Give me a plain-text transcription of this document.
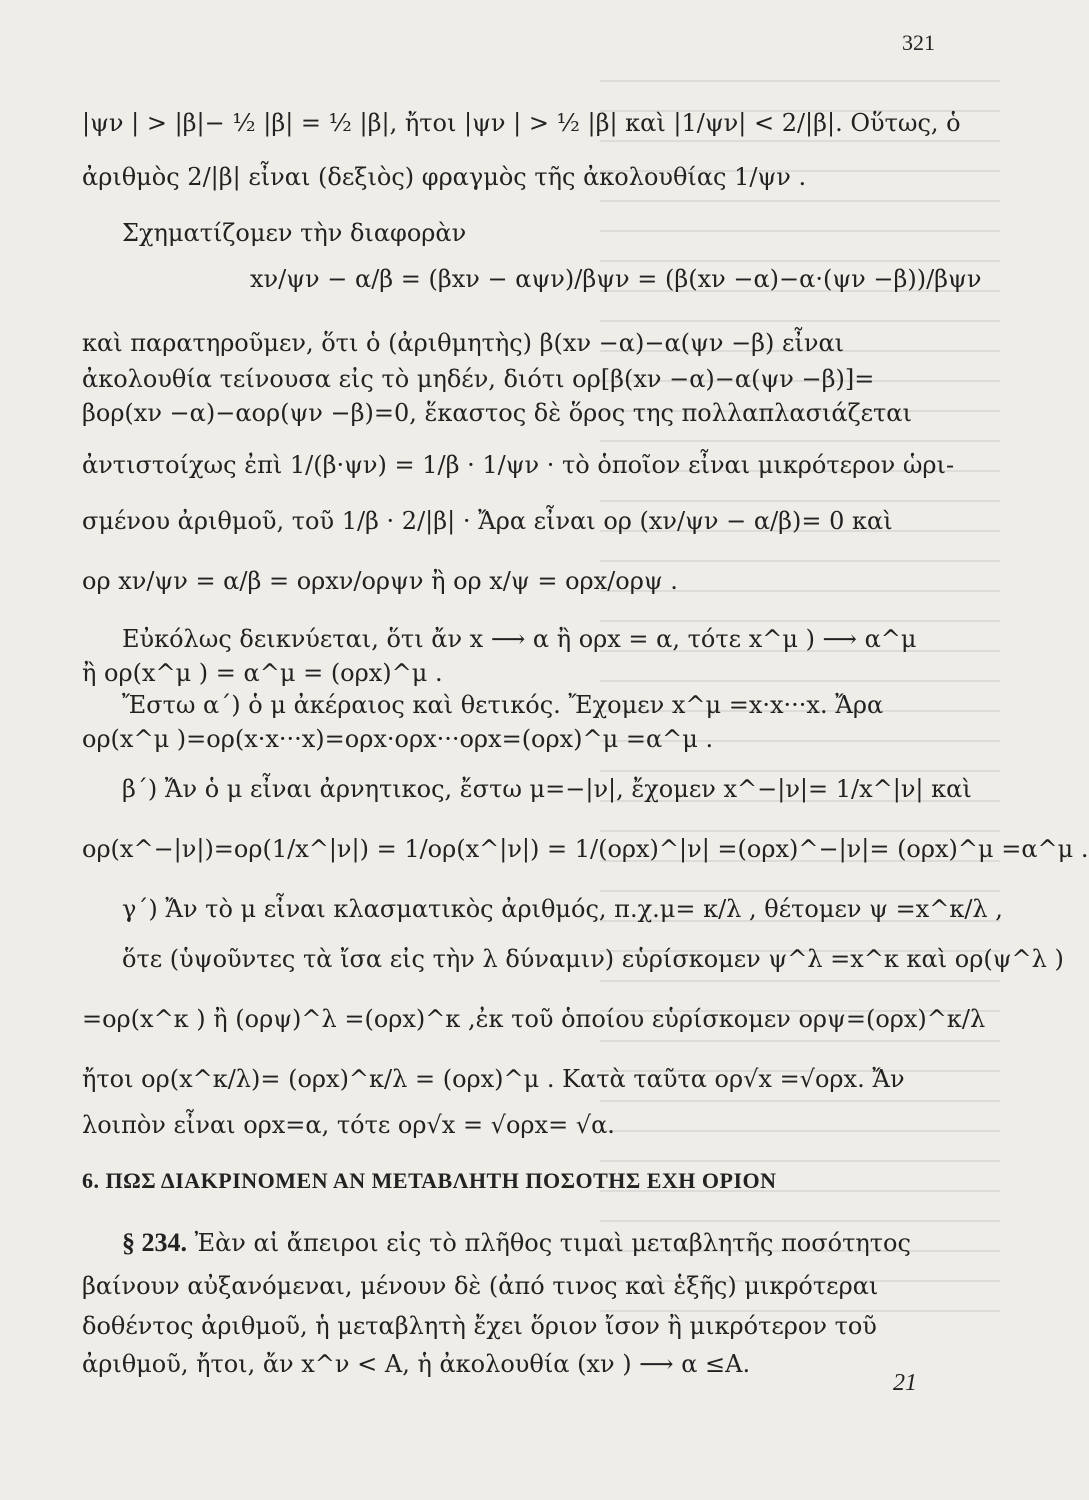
321
|ψν | > |β|− ½ |β| = ½ |β|, ἤτοι |ψν | > ½ |β| καὶ |1/ψν| < 2/|β|. Οὕτως, ὁ
ἀριθμὸς 2/|β| εἶναι (δεξιὸς) φραγμὸς τῆς ἀκολουθίας 1/ψν .
Σχηματίζομεν τὴν διαφορὰν
xν/ψν − α/β = (βxν − αψν)/βψν = (β(xν −α)−α·(ψν −β))/βψν
καὶ παρατηροῦμεν, ὅτι ὁ (ἀριθμητὴς) β(xν −α)−α(ψν −β) εἶναι
ἀκολουθία τείνουσα εἰς τὸ μηδέν, διότι ορ[β(xν −α)−α(ψν −β)]=
βορ(xν −α)−αορ(ψν −β)=0, ἕκαστος δὲ ὅρος της πολλαπλασιάζεται
ἀντιστοίχως ἐπὶ 1/(β·ψν) = 1/β · 1/ψν · τὸ ὁποῖον εἶναι μικρότερον ὡρι-
σμένου ἀριθμοῦ, τοῦ 1/β · 2/|β| · Ἄρα εἶναι ορ (xν/ψν − α/β)= 0 καὶ
ορ xν/ψν = α/β = ορxν/ορψν ἢ ορ x/ψ = ορx/ορψ .
Εὐκόλως δεικνύεται, ὅτι ἄν x ⟶ α ἢ ορx = α, τότε x^μ ) ⟶ α^μ
ἢ ορ(x^μ ) = α^μ = (ορx)^μ .
Ἔστω α΄) ὁ μ ἀκέραιος καὶ θετικός. Ἔχομεν x^μ =x·x···x. Ἄρα
ορ(x^μ )=ορ(x·x···x)=ορx·ορx···ορx=(ορx)^μ =α^μ .
β΄) Ἄν ὁ μ εἶναι ἀρνητικος, ἔστω μ=−|ν|, ἔχομεν x^−|ν|= 1/x^|ν| καὶ
ορ(x^−|ν|)=ορ(1/x^|ν|) = 1/ορ(x^|ν|) = 1/(ορx)^|ν| =(ορx)^−|ν|= (ορx)^μ =α^μ .
γ΄) Ἄν τὸ μ εἶναι κλασματικὸς ἀριθμός, π.χ.μ= κ/λ , θέτομεν ψ =x^κ/λ ,
ὅτε (ὑψοῦντες τὰ ἴσα εἰς τὴν λ δύναμιν) εὑρίσκομεν ψ^λ =x^κ καὶ ορ(ψ^λ )
=ορ(x^κ ) ἢ (ορψ)^λ =(ορx)^κ ,ἐκ τοῦ ὁποίου εὑρίσκομεν ορψ=(ορx)^κ/λ
ἤτοι ορ(x^κ/λ)= (ορx)^κ/λ = (ορx)^μ . Κατὰ ταῦτα ορ√x =√ορx. Ἄν
λοιπὸν εἶναι ορx=α, τότε ορ√x = √ορx= √α.
6. ΠΩΣ ΔΙΑΚΡΙΝΟΜΕΝ ΑΝ ΜΕΤΑΒΛΗΤΗ ΠΟΣΟΤΗΣ ΕΧΗ ΟΡΙΟΝ
§ 234. Ἐὰν αἱ ἄπειροι εἰς τὸ πλῆθος τιμαὶ μεταβλητῆς ποσότητος
βαίνουν αὐξανόμεναι, μένουν δὲ (ἀπό τινος καὶ ἑξῆς) μικρότεραι
δοθέντος ἀριθμοῦ, ἡ μεταβλητὴ ἔχει ὅριον ἴσον ἢ μικρότερον τοῦ
ἀριθμοῦ, ἤτοι, ἄν x^ν < Α, ἡ ἀκολουθία (xν ) ⟶ α ≤Α.
21
